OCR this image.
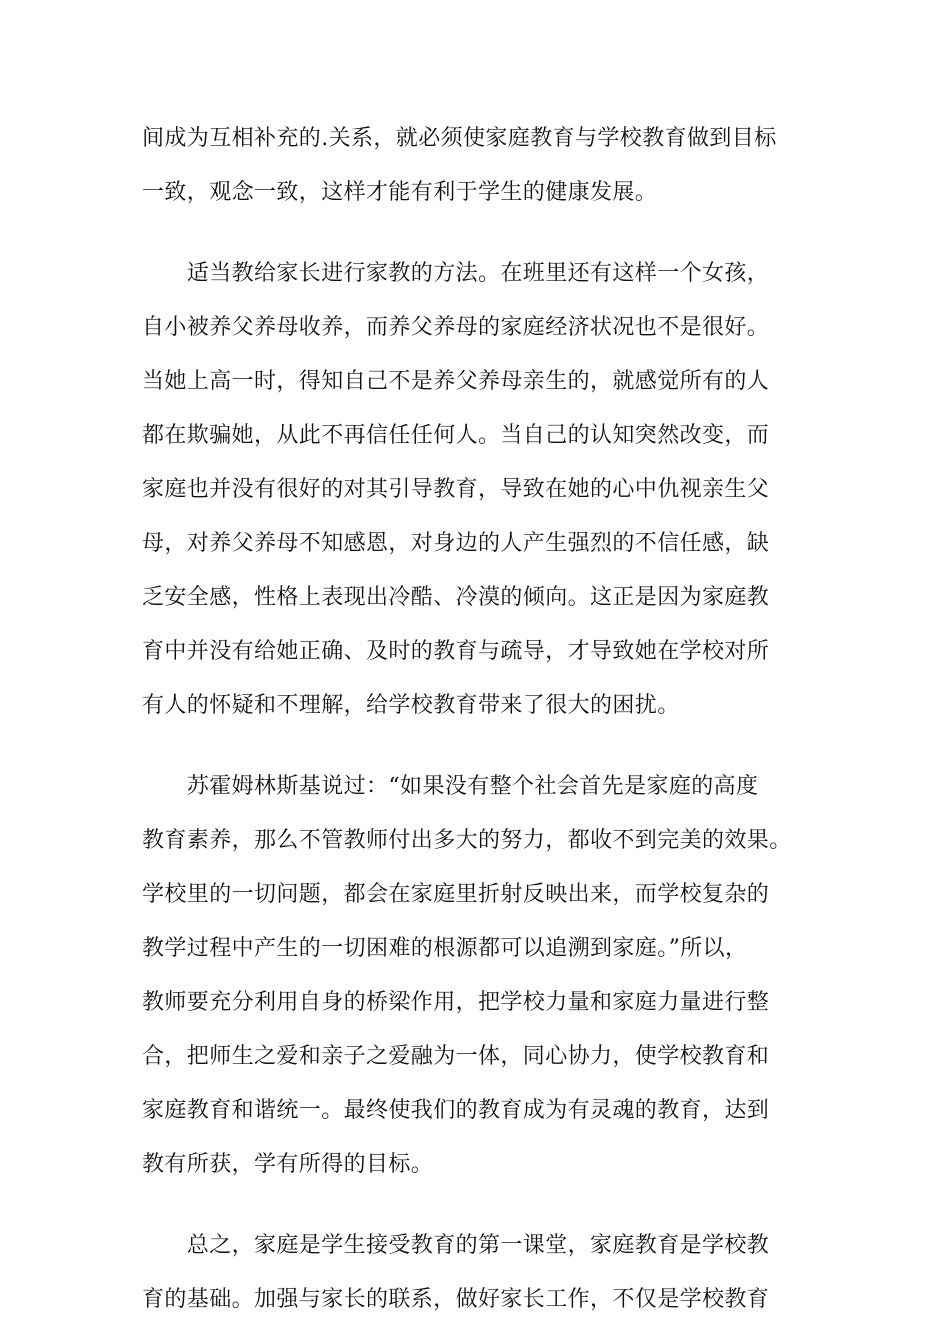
间成为互相补充的.关系，就必须使家庭教育与学校教育做到目标
一致，观念一致，这样才能有利于学生的健康发展。
　　适当教给家长进行家教的方法。在班里还有这样一个女孩，
自小被养父养母收养，而养父养母的家庭经济状况也不是很好。
当她上高一时，得知自己不是养父养母亲生的，就感觉所有的人
都在欺骗她，从此不再信任任何人。当自己的认知突然改变，而
家庭也并没有很好的对其引导教育，导致在她的心中仇视亲生父
母，对养父养母不知感恩，对身边的人产生强烈的不信任感，缺
乏安全感，性格上表现出冷酷、冷漠的倾向。这正是因为家庭教
育中并没有给她正确、及时的教育与疏导，才导致她在学校对所
有人的怀疑和不理解，给学校教育带来了很大的困扰。
　　苏霍姆林斯基说过：“如果没有整个社会首先是家庭的高度
教育素养，那么不管教师付出多大的努力，都收不到完美的效果。
学校里的一切问题，都会在家庭里折射反映出来，而学校复杂的
教学过程中产生的一切困难的根源都可以追溯到家庭。”所以，
教师要充分利用自身的桥梁作用，把学校力量和家庭力量进行整
合，把师生之爱和亲子之爱融为一体，同心协力，使学校教育和
家庭教育和谐统一。最终使我们的教育成为有灵魂的教育，达到
教有所获，学有所得的目标。
　　总之，家庭是学生接受教育的第一课堂，家庭教育是学校教
育的基础。加强与家长的联系，做好家长工作，不仅是学校教育
